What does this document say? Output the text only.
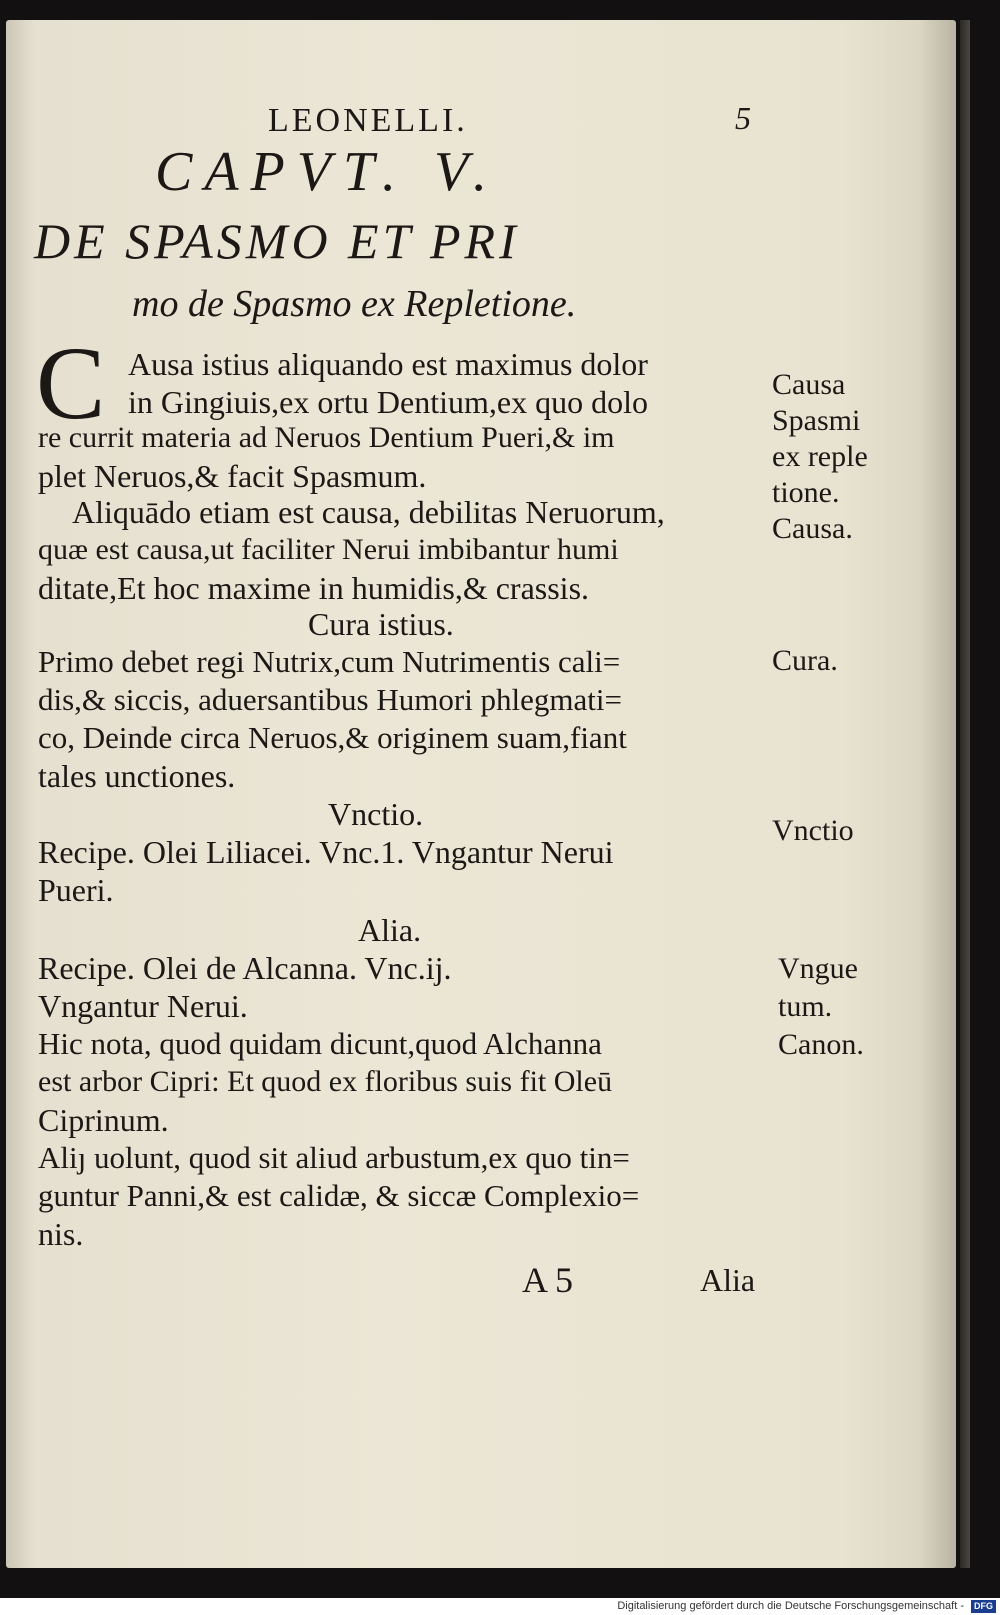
LEONELLI.	5
CAPVT. V.
DE SPASMO ET PRI
mo de Spasmo ex Repletione.
C Ausa istius aliquando est maximus dolor
in Gingiuis,ex ortu Dentium,ex quo dolo
re currit materia ad Neruos Dentium Pueri,& im
plet Neruos,& facit Spasmum.
Aliquādo etiam est causa, debilitas Neruorum,
quæ est causa,ut faciliter Nerui imbibantur humi
ditate,Et hoc maxime in humidis,& crassis.
Cura istius.
Primo debet regi Nutrix,cum Nutrimentis cali=
dis,& siccis, aduersantibus Humori phlegmati=
co, Deinde circa Neruos,& originem suam,fiant
tales unctiones.
Vnctio.
Recipe. Olei Liliacei. Vnc.1. Vngantur Nerui
Pueri.
Alia.
Recipe. Olei de Alcanna. Vnc.ij.
Vngantur Nerui.
Hic nota, quod quidam dicunt,quod Alchanna
est arbor Cipri: Et quod ex floribus suis fit Oleū
Ciprinum.
Aliȷ uolunt, quod sit aliud arbustum,ex quo tin=
guntur Panni,& est calidæ, & siccæ Complexio=
nis.
A 5	Alia
Causa
Spasmi
ex reple
tione.
Causa.
Cura.
Vnctio
Vngue
tum.
Canon.
Digitalisierung gefördert durch die Deutsche Forschungsgemeinschaft -	DFG
